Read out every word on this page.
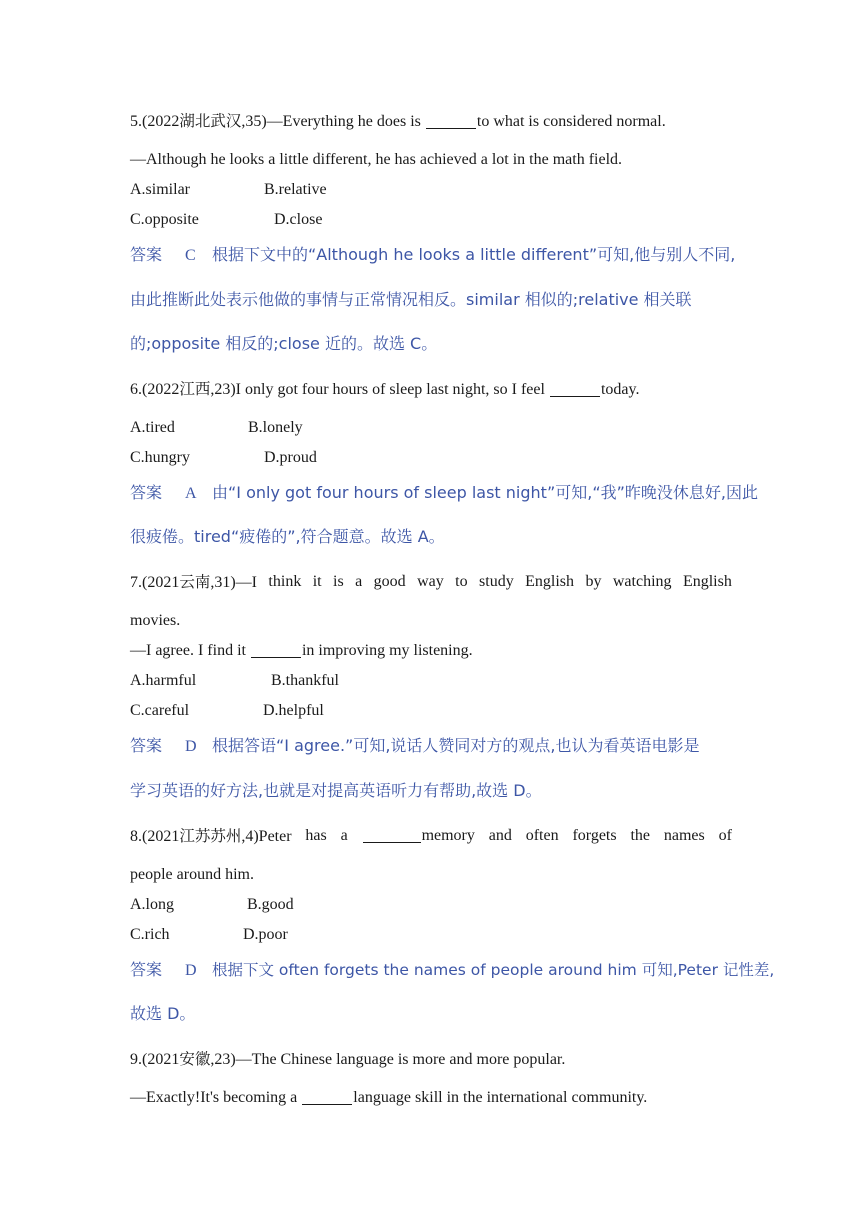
5.(2022湖北武汉,35)—Everything he does is	to what is considered normal.
—Although he looks a little different, he has achieved a lot in the math field.
A.similar	B.relative
C.opposite	D.close
答案 C 根据下文中的“Although he looks a little different”可知,他与别人不同,
由此推断此处表示他做的事情与正常情况相反。similar 相似的;relative 相关联
的;opposite 相反的;close 近的。故选 C。
6.(2022江西,23)I only got four hours of sleep last night, so I feel	today.
A.tired	B.lonely
C.hungry	D.proud
答案 A 由“I only got four hours of sleep last night”可知,“我”昨晚没休息好,因此
很疲倦。tired“疲倦的”,符合题意。故选 A。
7.(2021云南,31)—I think it is a good way to study English by watching English
movies.
—I agree. I find it	in improving my listening.
A.harmful	B.thankful
C.careful	D.helpful
答案 D 根据答语“I agree.”可知,说话人赞同对方的观点,也认为看英语电影是
学习英语的好方法,也就是对提高英语听力有帮助,故选 D。
8.(2021江苏苏州,4)Peter has a	memory and often forgets the names of
people around him.
A.long	B.good
C.rich	D.poor
答案 D 根据下文 often forgets the names of people around him 可知,Peter 记性差,
故选 D。
9.(2021安徽,23)—The Chinese language is more and more popular.
—Exactly!It's becoming a	language skill in the international community.
